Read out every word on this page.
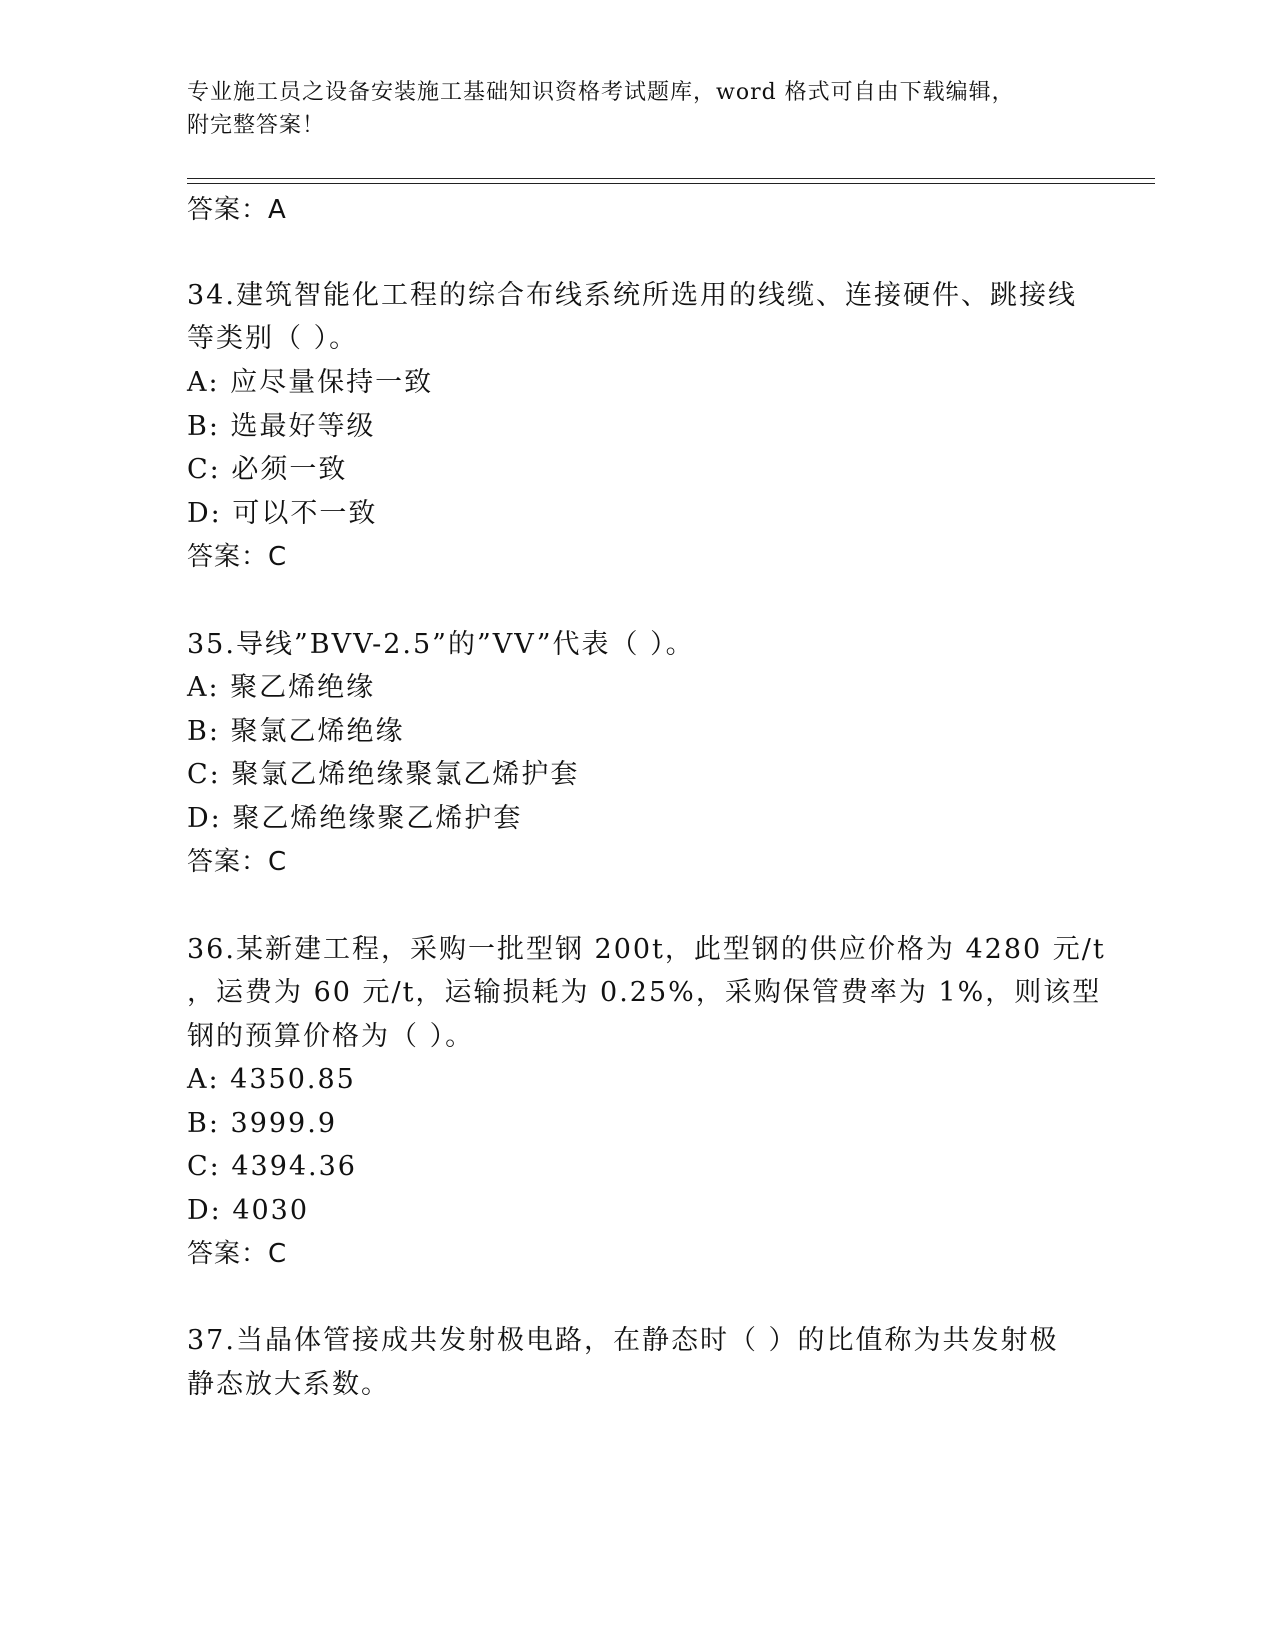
专业施工员之设备安装施工基础知识资格考试题库，word 格式可自由下载编辑，
附完整答案！
答案：A
34.建筑智能化工程的综合布线系统所选用的线缆、连接硬件、跳接线
等类别（ ）。
A: 应尽量保持一致
B: 选最好等级
C: 必须一致
D: 可以不一致
答案：C
35.导线”BVV-2.5”的”VV”代表（ ）。
A: 聚乙烯绝缘
B: 聚氯乙烯绝缘
C: 聚氯乙烯绝缘聚氯乙烯护套
D: 聚乙烯绝缘聚乙烯护套
答案：C
36.某新建工程，采购一批型钢 200t，此型钢的供应价格为 4280 元/t
，运费为 60 元/t，运输损耗为 0.25%，采购保管费率为 1%，则该型
钢的预算价格为（ ）。
A: 4350.85
B: 3999.9
C: 4394.36
D: 4030
答案：C
37.当晶体管接成共发射极电路，在静态时（ ）的比值称为共发射极
静态放大系数。
